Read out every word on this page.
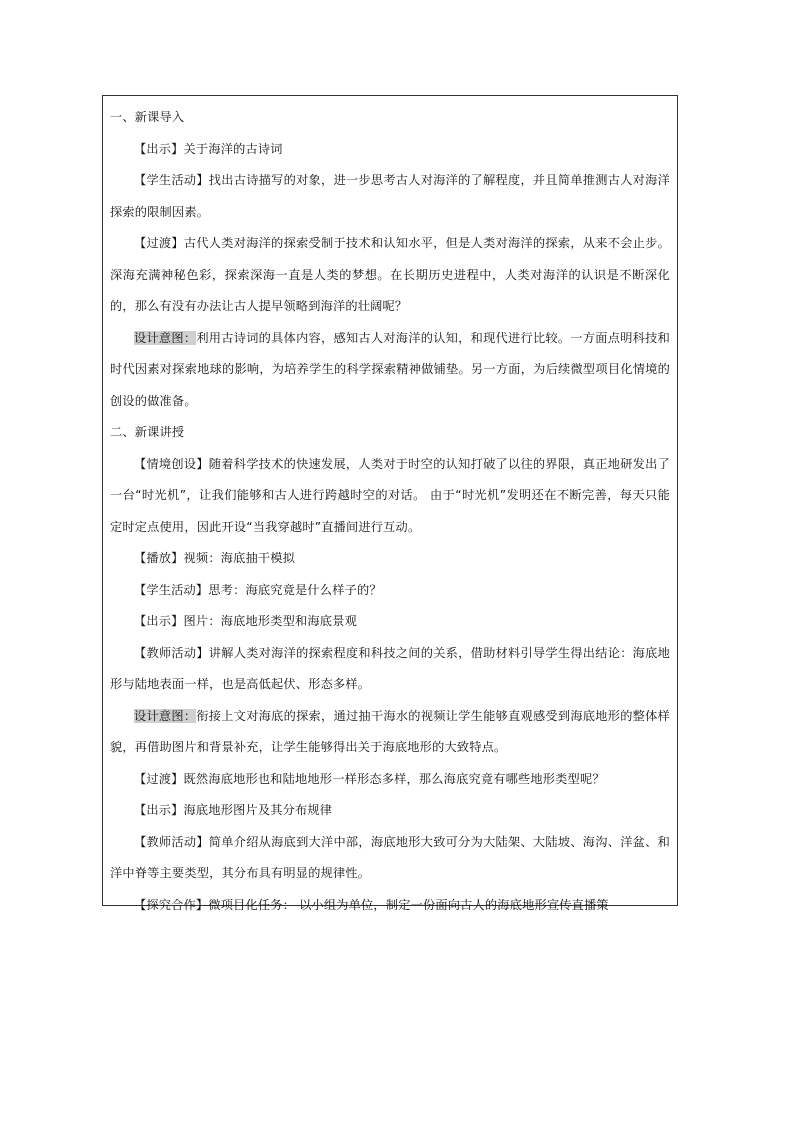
一、新课导入

【出示】关于海洋的古诗词

【学生活动】找出古诗描写的对象，进一步思考古人对海洋的了解程度，并且简单推测古人对海洋探索的限制因素。

【过渡】古代人类对海洋的探索受制于技术和认知水平，但是人类对海洋的探索，从来不会止步。深海充满神秘色彩，探索深海一直是人类的梦想。在长期历史进程中，人类对海洋的认识是不断深化的，那么有没有办法让古人提早领略到海洋的壮阔呢？

设计意图：利用古诗词的具体内容，感知古人对海洋的认知，和现代进行比较。一方面点明科技和时代因素对探索地球的影响，为培养学生的科学探索精神做铺垫。另一方面，为后续微型项目化情境的创设的做准备。

二、新课讲授

【情境创设】随着科学技术的快速发展，人类对于时空的认知打破了以往的界限，真正地研发出了一台“时光机”，让我们能够和古人进行跨越时空的对话。 由于“时光机”发明还在不断完善，每天只能定时定点使用，因此开设“当我穿越时”直播间进行互动。

【播放】视频：海底抽干模拟

【学生活动】思考：海底究竟是什么样子的？

【出示】图片：海底地形类型和海底景观

【教师活动】讲解人类对海洋的探索程度和科技之间的关系，借助材料引导学生得出结论：海底地形与陆地表面一样，也是高低起伏、形态多样。

设计意图：衔接上文对海底的探索，通过抽干海水的视频让学生能够直观感受到海底地形的整体样貌，再借助图片和背景补充，让学生能够得出关于海底地形的大致特点。

【过渡】既然海底地形也和陆地地形一样形态多样，那么海底究竟有哪些地形类型呢？

【出示】海底地形图片及其分布规律

【教师活动】简单介绍从海底到大洋中部，海底地形大致可分为大陆架、大陆坡、海沟、洋盆、和洋中脊等主要类型，其分布具有明显的规律性。

【探究合作】微项目化任务： 以小组为单位，制定一份面向古人的海底地形宣传直播策
